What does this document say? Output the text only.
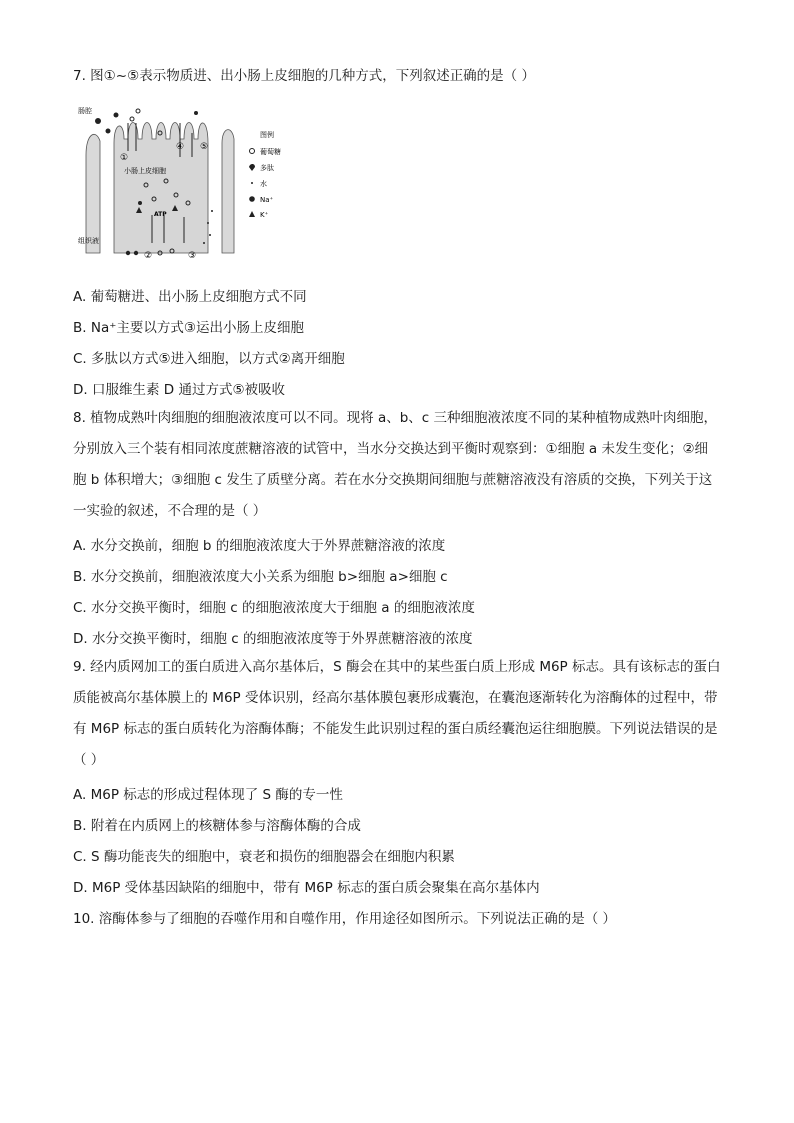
7. 图①~⑤表示物质进、出小肠上皮细胞的几种方式，下列叙述正确的是（ ）
①
④ ⑤
②	③
肠腔
小肠上皮细胞
组织液
ATP
图例
葡萄糖
多肽
水
Na⁺
K⁺
A. 葡萄糖进、出小肠上皮细胞方式不同
B. Na⁺主要以方式③运出小肠上皮细胞
C. 多肽以方式⑤进入细胞，以方式②离开细胞
D. 口服维生素 D 通过方式⑤被吸收
8. 植物成熟叶肉细胞的细胞液浓度可以不同。现将 a、b、c 三种细胞液浓度不同的某种植物成熟叶肉细胞，分别放入三个装有相同浓度蔗糖溶液的试管中，当水分交换达到平衡时观察到：①细胞 a 未发生变化；②细胞 b 体积增大；③细胞 c 发生了质壁分离。若在水分交换期间细胞与蔗糖溶液没有溶质的交换，下列关于这一实验的叙述，不合理的是（ ）
A. 水分交换前，细胞 b 的细胞液浓度大于外界蔗糖溶液的浓度
B. 水分交换前，细胞液浓度大小关系为细胞 b>细胞 a>细胞 c
C. 水分交换平衡时，细胞 c 的细胞液浓度大于细胞 a 的细胞液浓度
D. 水分交换平衡时，细胞 c 的细胞液浓度等于外界蔗糖溶液的浓度
9. 经内质网加工的蛋白质进入高尔基体后，S 酶会在其中的某些蛋白质上形成 M6P 标志。具有该标志的蛋白质能被高尔基体膜上的 M6P 受体识别，经高尔基体膜包裹形成囊泡，在囊泡逐渐转化为溶酶体的过程中，带有 M6P 标志的蛋白质转化为溶酶体酶；不能发生此识别过程的蛋白质经囊泡运往细胞膜。下列说法错误的是（ ）
A. M6P 标志的形成过程体现了 S 酶的专一性
B. 附着在内质网上的核糖体参与溶酶体酶的合成
C. S 酶功能丧失的细胞中，衰老和损伤的细胞器会在细胞内积累
D. M6P 受体基因缺陷的细胞中，带有 M6P 标志的蛋白质会聚集在高尔基体内
10. 溶酶体参与了细胞的吞噬作用和自噬作用，作用途径如图所示。下列说法正确的是（ ）
